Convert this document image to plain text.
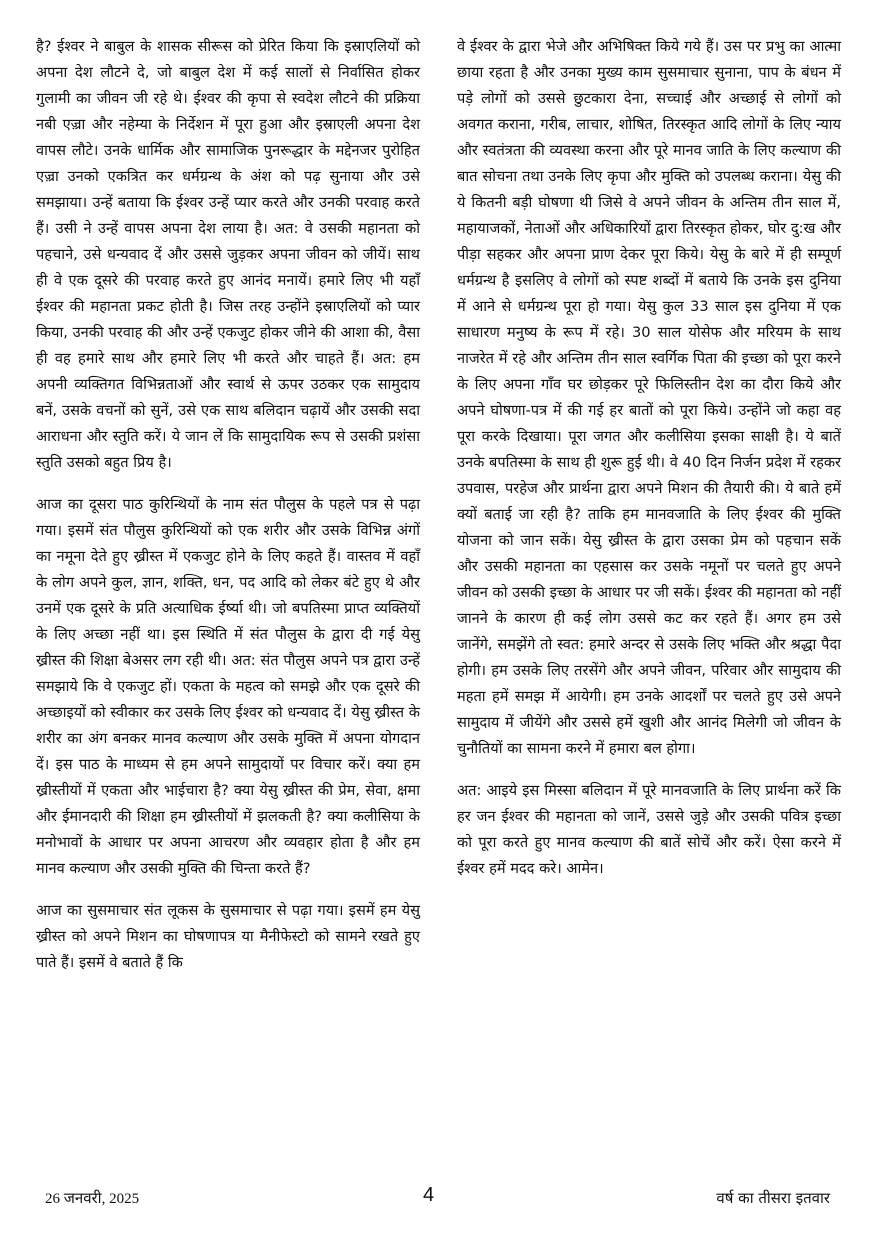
है? ईश्वर ने बाबुल के शासक सीरूस को प्रेरित किया कि इस्राएलियों को अपना देश लौटने दे, जो बाबुल देश में कई सालों से निर्वासित होकर गुलामी का जीवन जी रहे थे। ईश्वर की कृपा से स्वदेश लौटने की प्रक्रिया नबी एज़्रा और नहेम्या के निर्देशन में पूरा हुआ और इस्राएली अपना देश वापस लौटे। उनके धार्मिक और सामाजिक पुनरूद्धार के मद्देनजर पुरोहित एज़्रा उनको एकत्रित कर धर्मग्रन्थ के अंश को पढ़ सुनाया और उसे समझाया। उन्हें बताया कि ईश्वर उन्हें प्यार करते और उनकी परवाह करते हैं। उसी ने उन्हें वापस अपना देश लाया है। अत: वे उसकी महानता को पहचाने, उसे धन्यवाद दें और उससे जुड़कर अपना जीवन को जीयें। साथ ही वे एक दूसरे की परवाह करते हुए आनंद मनायें। हमारे लिए भी यहाँ ईश्वर की महानता प्रकट होती है। जिस तरह उन्होंने इस्राएलियों को प्यार किया, उनकी परवाह की और उन्हें एकजुट होकर जीने की आशा की, वैसा ही वह हमारे साथ और हमारे लिए भी करते और चाहते हैं। अत: हम अपनी व्यक्तिगत विभिन्नताओं और स्वार्थ से ऊपर उठकर एक सामुदाय बनें, उसके वचनों को सुनें, उसे एक साथ बलिदान चढ़ायें और उसकी सदा आराधना और स्तुति करें। ये जान लें कि सामुदायिक रूप से उसकी प्रशंसा स्तुति उसको बहुत प्रिय है।

आज का दूसरा पाठ कुरिन्थियों के नाम संत पौलुस के पहले पत्र से पढ़ा गया। इसमें संत पौलुस कुरिन्थियों को एक शरीर और उसके विभिन्न अंगों का नमूना देते हुए ख्रीस्त में एकजुट होने के लिए कहते हैं। वास्तव में वहाँ के लोग अपने कुल, ज्ञान, शक्ति, धन, पद आदि को लेकर बंटे हुए थे और उनमें एक दूसरे के प्रति अत्याधिक ईर्ष्या थी। जो बपतिस्मा प्राप्त व्यक्तियों के लिए अच्छा नहीं था। इस स्थिति में संत पौलुस के द्वारा दी गई येसु ख्रीस्त की शिक्षा बेअसर लग रही थी। अत: संत पौलुस अपने पत्र द्वारा उन्हें समझाये कि वे एकजुट हों। एकता के महत्व को समझे और एक दूसरे की अच्छाइयों को स्वीकार कर उसके लिए ईश्वर को धन्यवाद दें। येसु ख्रीस्त के शरीर का अंग बनकर मानव कल्याण और उसके मुक्ति में अपना योगदान दें। इस पाठ के माध्यम से हम अपने सामुदायों पर विचार करें। क्या हम ख्रीस्तीयों में एकता और भाईचारा है? क्या येसु ख्रीस्त की प्रेम, सेवा, क्षमा और ईमानदारी की शिक्षा हम ख्रीस्तीयों में झलकती है? क्या कलीसिया के मनोभावों के आधार पर अपना आचरण और व्यवहार होता है और हम मानव कल्याण और उसकी मुक्ति की चिन्ता करते हैं?

आज का सुसमाचार संत लूकस के सुसमाचार से पढ़ा गया। इसमें हम येसु ख्रीस्त को अपने मिशन का घोषणापत्र या मैनीफेस्टो को सामने रखते हुए पाते हैं। इसमें वे बताते हैं कि

वे ईश्वर के द्वारा भेजे और अभिषिक्त किये गये हैं। उस पर प्रभु का आत्मा छाया रहता है और उनका मुख्य काम सुसमाचार सुनाना, पाप के बंधन में पड़े लोगों को उससे छुटकारा देना, सच्चाई और अच्छाई से लोगों को अवगत कराना, गरीब, लाचार, शोषित, तिरस्कृत आदि लोगों के लिए न्याय और स्वतंत्रता की व्यवस्था करना और पूरे मानव जाति के लिए कल्याण की बात सोचना तथा उनके लिए कृपा और मुक्ति को उपलब्ध कराना। येसु की ये कितनी बड़ी घोषणा थी जिसे वे अपने जीवन के अन्तिम तीन साल में, महायाजकों, नेताओं और अधिकारियों द्वारा तिरस्कृत होकर, घोर दु:ख और पीड़ा सहकर और अपना प्राण देकर पूरा किये। येसु के बारे में ही सम्पूर्ण धर्मग्रन्थ है इसलिए वे लोगों को स्पष्ट शब्दों में बताये कि उनके इस दुनिया में आने से धर्मग्रन्थ पूरा हो गया। येसु कुल 33 साल इस दुनिया में एक साधारण मनुष्य के रूप में रहे। 30 साल योसेफ और मरियम के साथ नाजरेत में रहे और अन्तिम तीन साल स्वर्गिक पिता की इच्छा को पूरा करने के लिए अपना गाँव घर छोड़कर पूरे फिलिस्तीन देश का दौरा किये और अपने घोषणा-पत्र में की गई हर बातों को पूरा किये। उन्होंने जो कहा वह पूरा करके दिखाया। पूरा जगत और कलीसिया इसका साक्षी है। ये बातें उनके बपतिस्मा के साथ ही शुरू हुई थी। वे 40 दिन निर्जन प्रदेश में रहकर उपवास, परहेज और प्रार्थना द्वारा अपने मिशन की तैयारी की। ये बाते हमें क्यों बताई जा रही है? ताकि हम मानवजाति के लिए ईश्वर की मुक्ति योजना को जान सकें। येसु ख्रीस्त के द्वारा उसका प्रेम को पहचान सकें और उसकी महानता का एहसास कर उसके नमूनों पर चलते हुए अपने जीवन को उसकी इच्छा के आधार पर जी सकें। ईश्वर की महानता को नहीं जानने के कारण ही कई लोग उससे कट कर रहते हैं। अगर हम उसे जानेंगे, समझेंगे तो स्वत: हमारे अन्दर से उसके लिए भक्ति और श्रद्धा पैदा होगी। हम उसके लिए तरसेंगे और अपने जीवन, परिवार और सामुदाय की महता हमें समझ में आयेगी। हम उनके आदर्शों पर चलते हुए उसे अपने सामुदाय में जीयेंगे और उससे हमें खुशी और आनंद मिलेगी जो जीवन के चुनौतियों का सामना करने में हमारा बल होगा।

अत: आइये इस मिस्सा बलिदान में पूरे मानवजाति के लिए प्रार्थना करें कि हर जन ईश्वर की महानता को जानें, उससे जुड़े और उसकी पवित्र इच्छा को पूरा करते हुए मानव कल्याण की बातें सोचें और करें। ऐसा करने में ईश्वर हमें मदद करे। आमेन।

26 जनवरी, 2025	4	वर्ष का तीसरा इतवार
